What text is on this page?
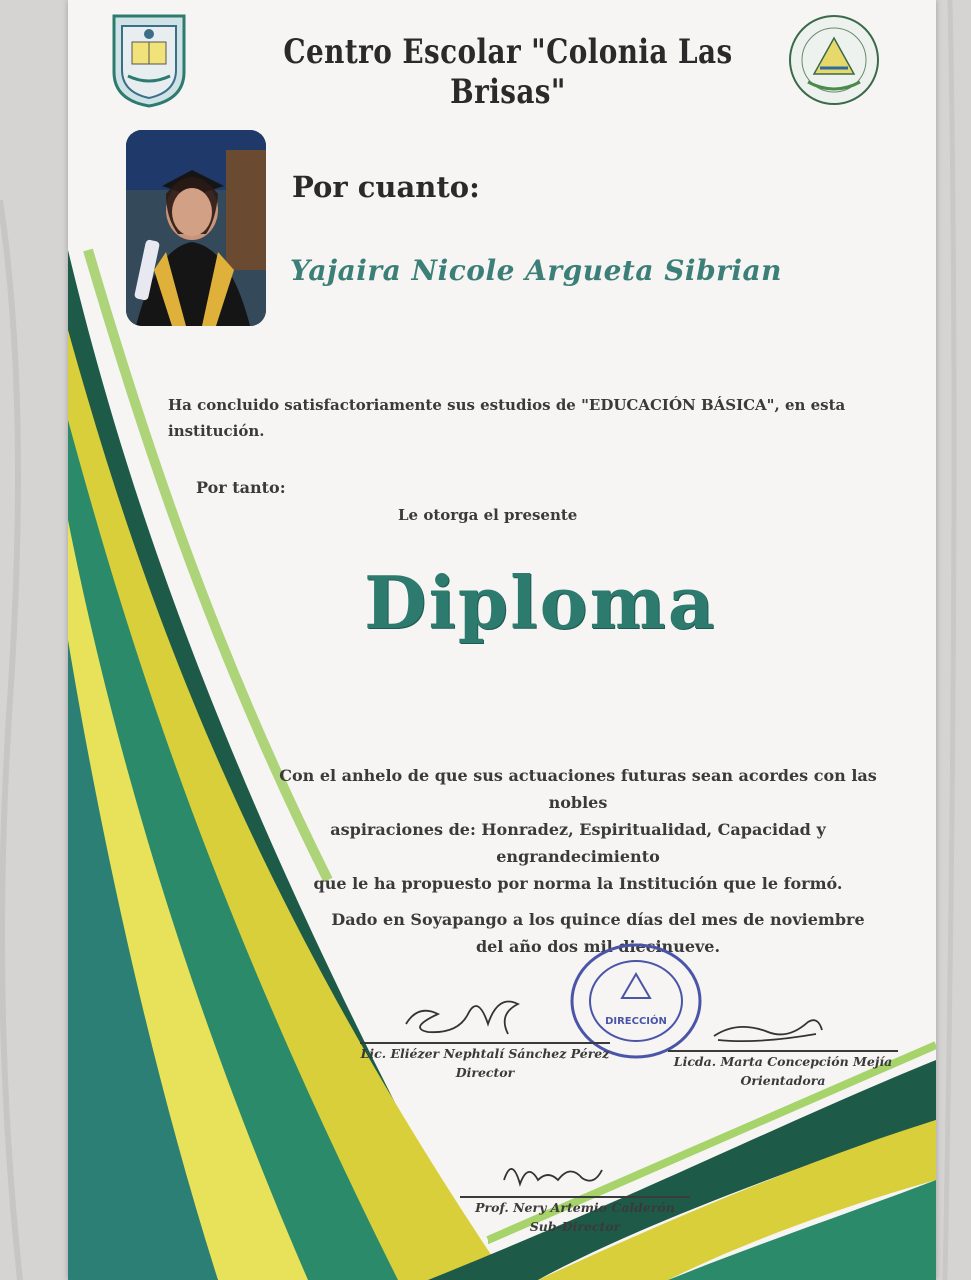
Centro Escolar "Colonia Las Brisas"
Por cuanto:
Yajaira Nicole Argueta Sibrian
Ha concluido satisfactoriamente sus estudios de "EDUCACIÓN BÁSICA", en esta
institución.
Por tanto:
Le otorga el presente
Diploma
Con el anhelo de que sus actuaciones futuras sean acordes con las nobles
aspiraciones de: Honradez, Espiritualidad, Capacidad y engrandecimiento
que le ha propuesto por norma la Institución que le formó.
Dado en Soyapango a los quince días del mes de noviembre
del año dos mil diecinueve.
DIRECCIÓN
Lic. Eliézer Nephtalí Sánchez Pérez
Director
Licda. Marta Concepción Mejía
Orientadora
Prof. Nery Artemio Calderón
Sub-Director
